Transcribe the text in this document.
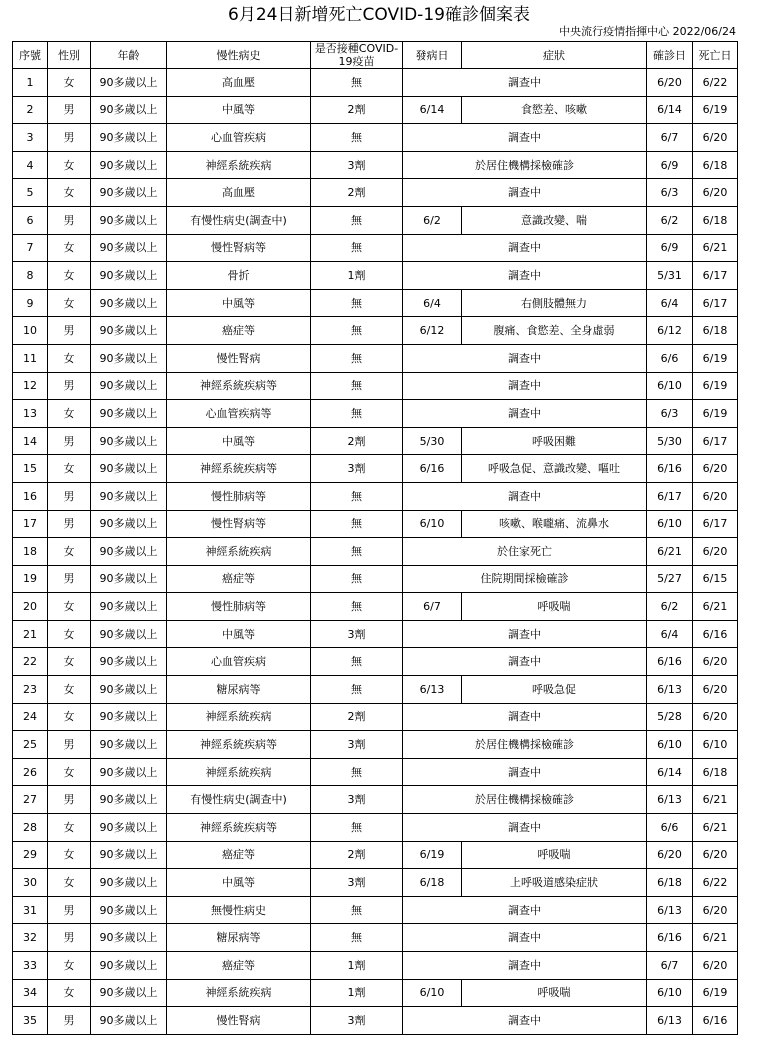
6月24日新增死亡COVID-19確診個案表
中央流行疫情指揮中心 2022/06/24
序號	性別	年齡	慢性病史	是否接種COVID-19疫苗	發病日	症狀	確診日	死亡日
1	女	90多歲以上	高血壓	無	調查中		6/20	6/22
2	男	90多歲以上	中風等	2劑	6/14	食慾差、咳嗽	6/14	6/19
3	男	90多歲以上	心血管疾病	無	調查中		6/7	6/20
4	女	90多歲以上	神經系統疾病	3劑	於居住機構採檢確診		6/9	6/18
5	女	90多歲以上	高血壓	2劑	調查中		6/3	6/20
6	男	90多歲以上	有慢性病史(調查中)	無	6/2	意識改變、喘	6/2	6/18
7	女	90多歲以上	慢性腎病等	無	調查中		6/9	6/21
8	女	90多歲以上	骨折	1劑	調查中		5/31	6/17
9	女	90多歲以上	中風等	無	6/4	右側肢體無力	6/4	6/17
10	男	90多歲以上	癌症等	無	6/12	腹痛、食慾差、全身虛弱	6/12	6/18
11	女	90多歲以上	慢性腎病	無	調查中		6/6	6/19
12	男	90多歲以上	神經系統疾病等	無	調查中		6/10	6/19
13	女	90多歲以上	心血管疾病等	無	調查中		6/3	6/19
14	男	90多歲以上	中風等	2劑	5/30	呼吸困難	5/30	6/17
15	女	90多歲以上	神經系統疾病等	3劑	6/16	呼吸急促、意識改變、嘔吐	6/16	6/20
16	男	90多歲以上	慢性肺病等	無	調查中		6/17	6/20
17	男	90多歲以上	慢性腎病等	無	6/10	咳嗽、喉嚨痛、流鼻水	6/10	6/17
18	女	90多歲以上	神經系統疾病	無	於住家死亡		6/21	6/20
19	男	90多歲以上	癌症等	無	住院期間採檢確診		5/27	6/15
20	女	90多歲以上	慢性肺病等	無	6/7	呼吸喘	6/2	6/21
21	女	90多歲以上	中風等	3劑	調查中		6/4	6/16
22	女	90多歲以上	心血管疾病	無	調查中		6/16	6/20
23	女	90多歲以上	糖尿病等	無	6/13	呼吸急促	6/13	6/20
24	女	90多歲以上	神經系統疾病	2劑	調查中		5/28	6/20
25	男	90多歲以上	神經系統疾病等	3劑	於居住機構採檢確診		6/10	6/10
26	女	90多歲以上	神經系統疾病	無	調查中		6/14	6/18
27	男	90多歲以上	有慢性病史(調查中)	3劑	於居住機構採檢確診		6/13	6/21
28	女	90多歲以上	神經系統疾病等	無	調查中		6/6	6/21
29	女	90多歲以上	癌症等	2劑	6/19	呼吸喘	6/20	6/20
30	女	90多歲以上	中風等	3劑	6/18	上呼吸道感染症狀	6/18	6/22
31	男	90多歲以上	無慢性病史	無	調查中		6/13	6/20
32	男	90多歲以上	糖尿病等	無	調查中		6/16	6/21
33	女	90多歲以上	癌症等	1劑	調查中		6/7	6/20
34	女	90多歲以上	神經系統疾病	1劑	6/10	呼吸喘	6/10	6/19
35	男	90多歲以上	慢性腎病	3劑	調查中		6/13	6/16
